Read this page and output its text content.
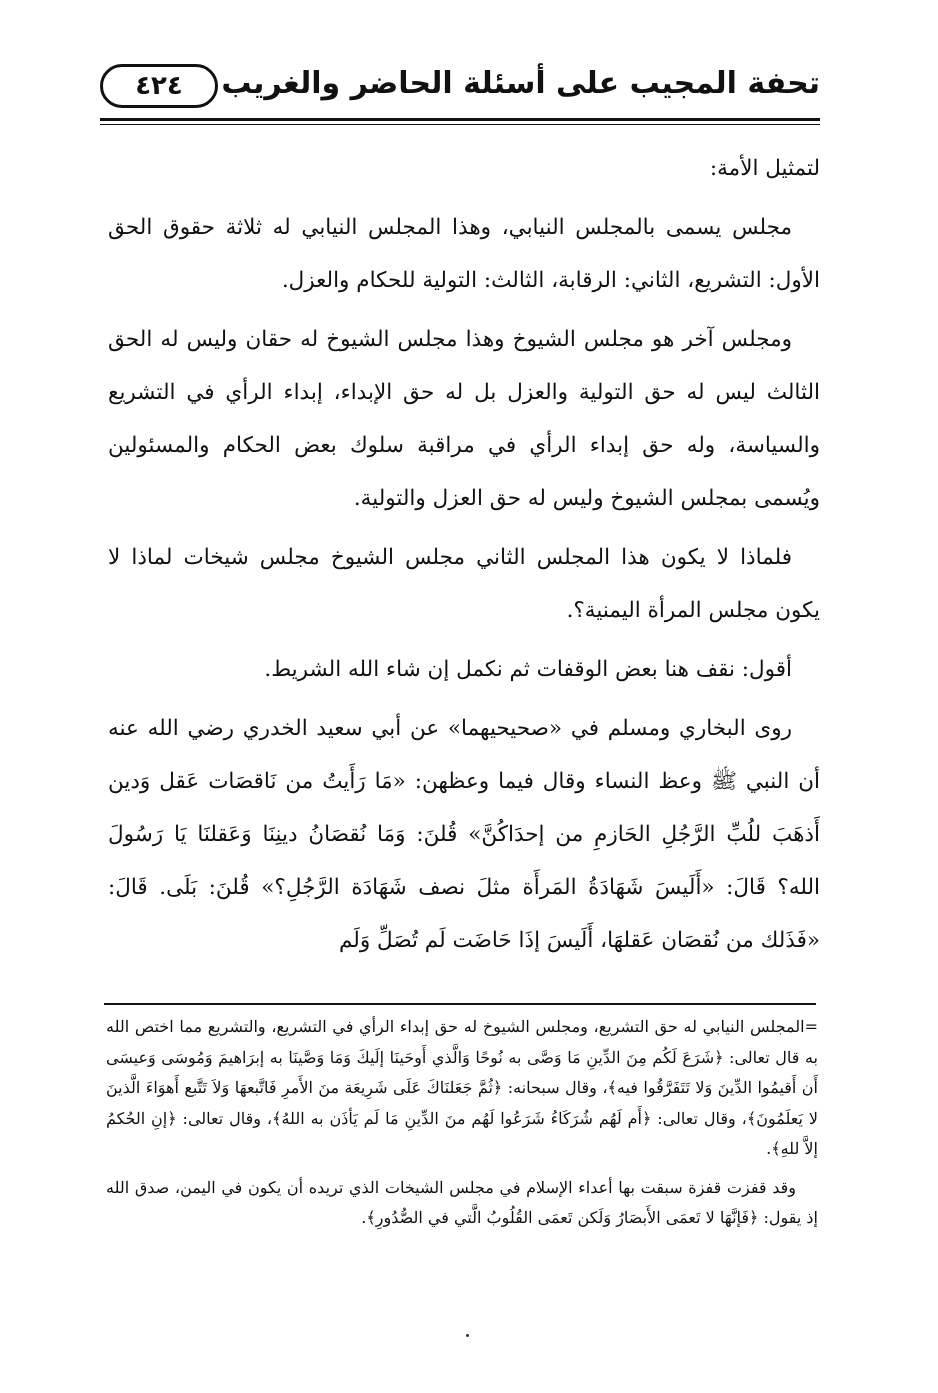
٤٢٤	تحفة المجيب على أسئلة الحاضر والغريب

لتمثيل الأمة:

مجلس يسمى بالمجلس النيابي، وهذا المجلس النيابي له ثلاثة حقوق الحق الأول: التشريع، الثاني: الرقابة، الثالث: التولية للحكام والعزل.

ومجلس آخر هو مجلس الشيوخ وهذا مجلس الشيوخ له حقان وليس له الحق الثالث ليس له حق التولية والعزل بل له حق الإبداء، إبداء الرأي في التشريع والسياسة، وله حق إبداء الرأي في مراقبة سلوك بعض الحكام والمسئولين ويُسمى بمجلس الشيوخ وليس له حق العزل والتولية.

فلماذا لا يكون هذا المجلس الثاني مجلس الشيوخ مجلس شيخات لماذا لا يكون مجلس المرأة اليمنية؟.

أقول: نقف هنا بعض الوقفات ثم نكمل إن شاء الله الشريط.

روى البخاري ومسلم في «صحيحيهما» عن أبي سعيد الخدري رضي الله عنه أن النبي ﷺ وعظ النساء وقال فيما وعظهن: «مَا رَأَيتُ من نَاقصَات عَقل وَدين أَذهَبَ للُبِّ الرَّجُلِ الحَازمِ من إحدَاكُنَّ» قُلنَ: وَمَا نُقصَانُ دينِنَا وَعَقلنَا يَا رَسُولَ الله؟ قَالَ: «أَلَيسَ شَهَادَةُ المَرأَة مثلَ نصف شَهَادَة الرَّجُلِ؟» قُلنَ: بَلَى. قَالَ: «فَذَلك من نُقصَان عَقلهَا، أَلَيسَ إذَا حَاضَت لَم تُصَلِّ وَلَم

=المجلس النيابي له حق التشريع، ومجلس الشيوخ له حق إبداء الرأي في التشريع، والتشريع مما اختص الله به قال تعالى: ﴿شَرَعَ لَكُم مِنَ الدِّينِ مَا وَصَّى به نُوحًا وَالَّذي أَوحَينَا إلَيكَ وَمَا وَصَّينَا به إبرَاهيمَ وَمُوسَى وَعيسَى أَن أَقيمُوا الدِّينَ وَلا تَتَفَرَّقُوا فيه﴾، وقال سبحانه: ﴿ثُمَّ جَعَلنَاكَ عَلَى شَرِيعَة منَ الأَمرِ فَاتَّبعهَا وَلاَ تَتَّبع أَهوَاءَ الَّذينَ لا يَعلَمُونَ﴾، وقال تعالى: ﴿أَم لَهُم شُرَكَاءُ شَرَعُوا لَهُم منَ الدِّينِ مَا لَم يَأذَن به اللهُ﴾، وقال تعالى: ﴿إنِ الحُكمُ إلاَّ للهِ﴾.

وقد قفزت قفزة سبقت بها أعداء الإسلام في مجلس الشيخات الذي تريده أن يكون في اليمن، صدق الله إذ يقول: ﴿فَإنَّهَا لا تَعمَى الأَبصَارُ وَلَكن تَعمَى القُلُوبُ الَّتي في الصُّدُورِ﴾.
